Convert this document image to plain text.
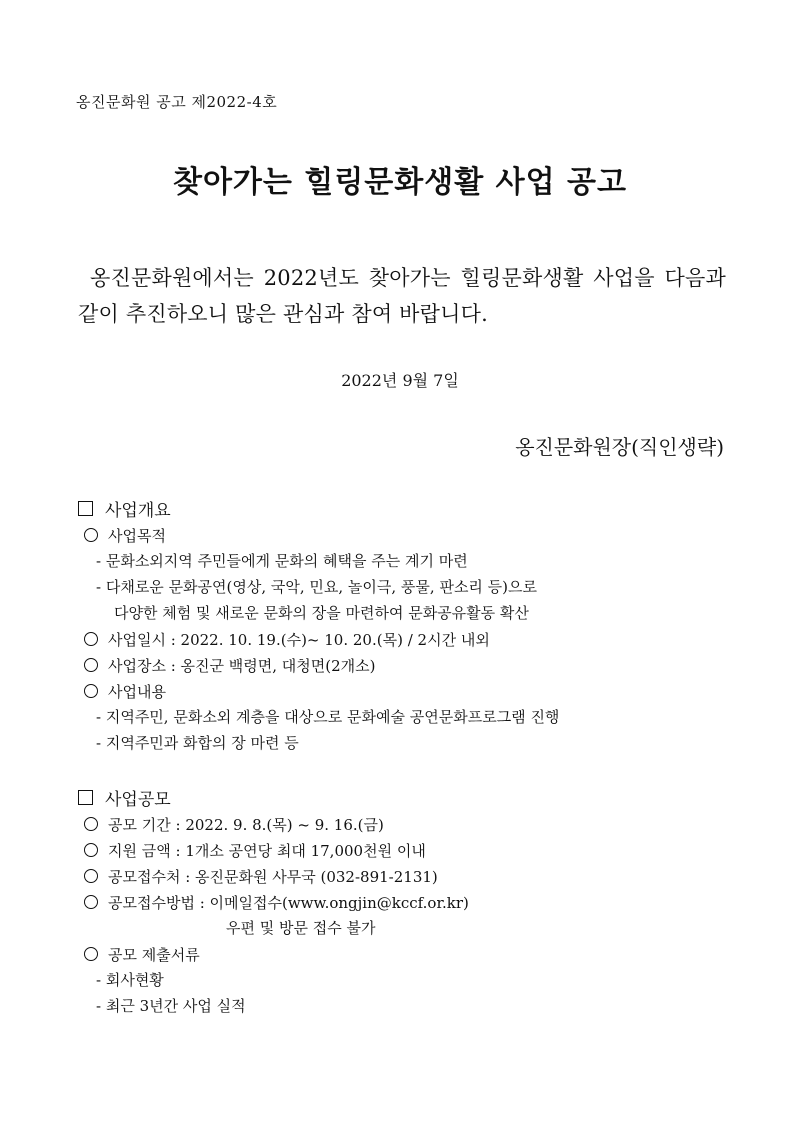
옹진문화원 공고 제2022-4호
찾아가는 힐링문화생활 사업 공고
옹진문화원에서는 2022년도 찾아가는 힐링문화생활 사업을 다음과 같이 추진하오니 많은 관심과 참여 바랍니다.
2022년 9월 7일
옹진문화원장(직인생략)
사업개요
사업목적
- 문화소외지역 주민들에게 문화의 혜택을 주는 계기 마련
- 다채로운 문화공연(영상, 국악, 민요, 놀이극, 풍물, 판소리 등)으로
다양한 체험 및 새로운 문화의 장을 마련하여 문화공유활동 확산
사업일시 : 2022. 10. 19.(수)~ 10. 20.(목) / 2시간 내외
사업장소 : 옹진군 백령면, 대청면(2개소)
사업내용
- 지역주민, 문화소외 계층을 대상으로 문화예술 공연문화프로그램 진행
- 지역주민과 화합의 장 마련 등
사업공모
공모 기간 : 2022. 9. 8.(목) ~ 9. 16.(금)
지원 금액 : 1개소 공연당 최대 17,000천원 이내
공모접수처 : 옹진문화원 사무국 (032-891-2131)
공모접수방법 : 이메일접수(www.ongjin@kccf.or.kr)
우편 및 방문 접수 불가
공모 제출서류
- 회사현황
- 최근 3년간 사업 실적
